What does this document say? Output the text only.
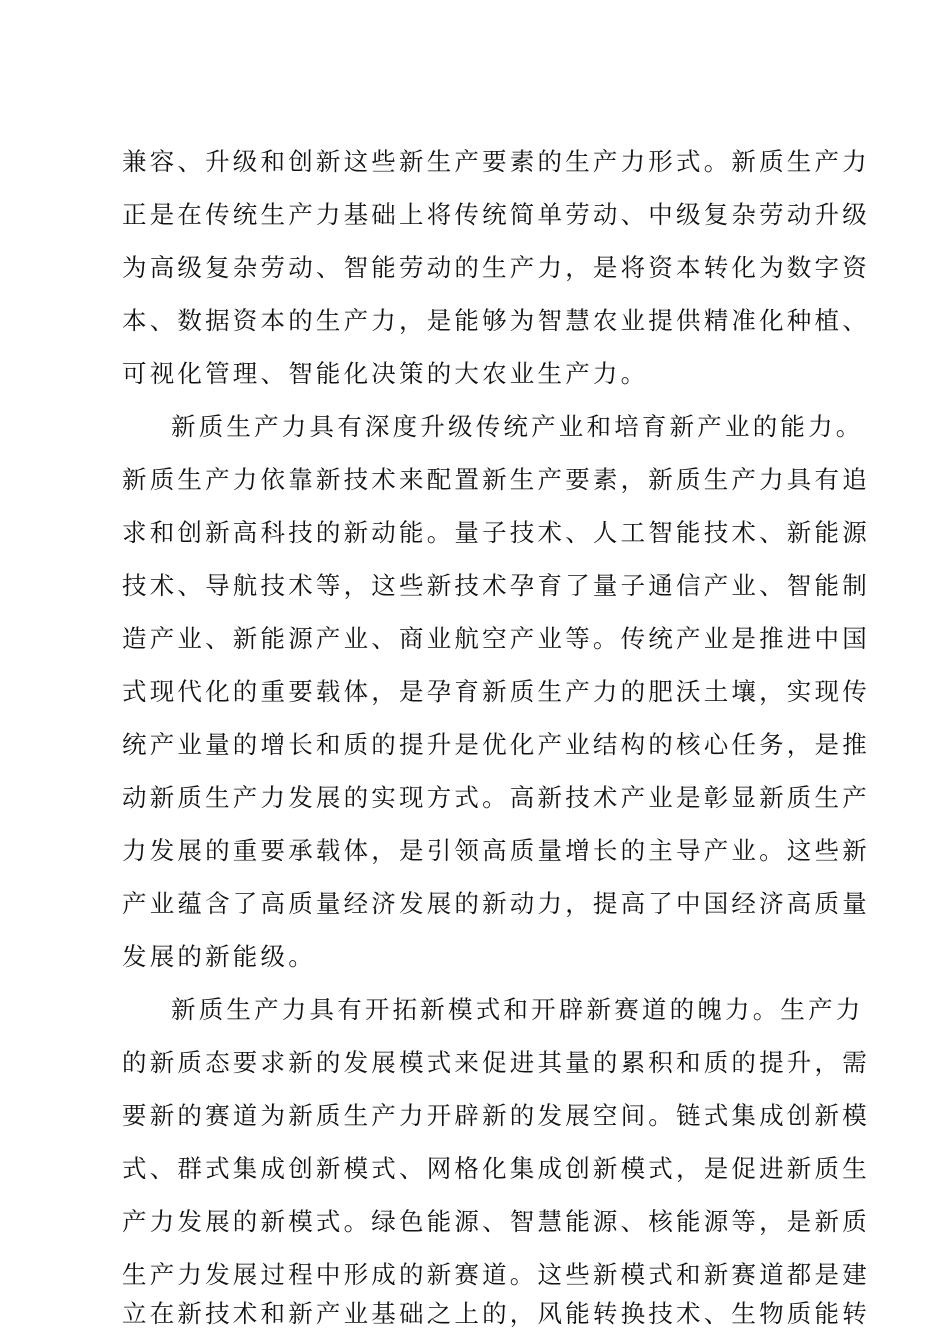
兼容、升级和创新这些新生产要素的生产力形式。新质生产力
正是在传统生产力基础上将传统简单劳动、中级复杂劳动升级
为高级复杂劳动、智能劳动的生产力，是将资本转化为数字资
本、数据资本的生产力，是能够为智慧农业提供精准化种植、
可视化管理、智能化决策的大农业生产力。
新质生产力具有深度升级传统产业和培育新产业的能力。
新质生产力依靠新技术来配置新生产要素，新质生产力具有追
求和创新高科技的新动能。量子技术、人工智能技术、新能源
技术、导航技术等，这些新技术孕育了量子通信产业、智能制
造产业、新能源产业、商业航空产业等。传统产业是推进中国
式现代化的重要载体，是孕育新质生产力的肥沃土壤，实现传
统产业量的增长和质的提升是优化产业结构的核心任务，是推
动新质生产力发展的实现方式。高新技术产业是彰显新质生产
力发展的重要承载体，是引领高质量增长的主导产业。这些新
产业蕴含了高质量经济发展的新动力，提高了中国经济高质量
发展的新能级。
新质生产力具有开拓新模式和开辟新赛道的魄力。生产力
的新质态要求新的发展模式来促进其量的累积和质的提升，需
要新的赛道为新质生产力开辟新的发展空间。链式集成创新模
式、群式集成创新模式、网格化集成创新模式，是促进新质生
产力发展的新模式。绿色能源、智慧能源、核能源等，是新质
生产力发展过程中形成的新赛道。这些新模式和新赛道都是建
立在新技术和新产业基础之上的，风能转换技术、生物质能转
